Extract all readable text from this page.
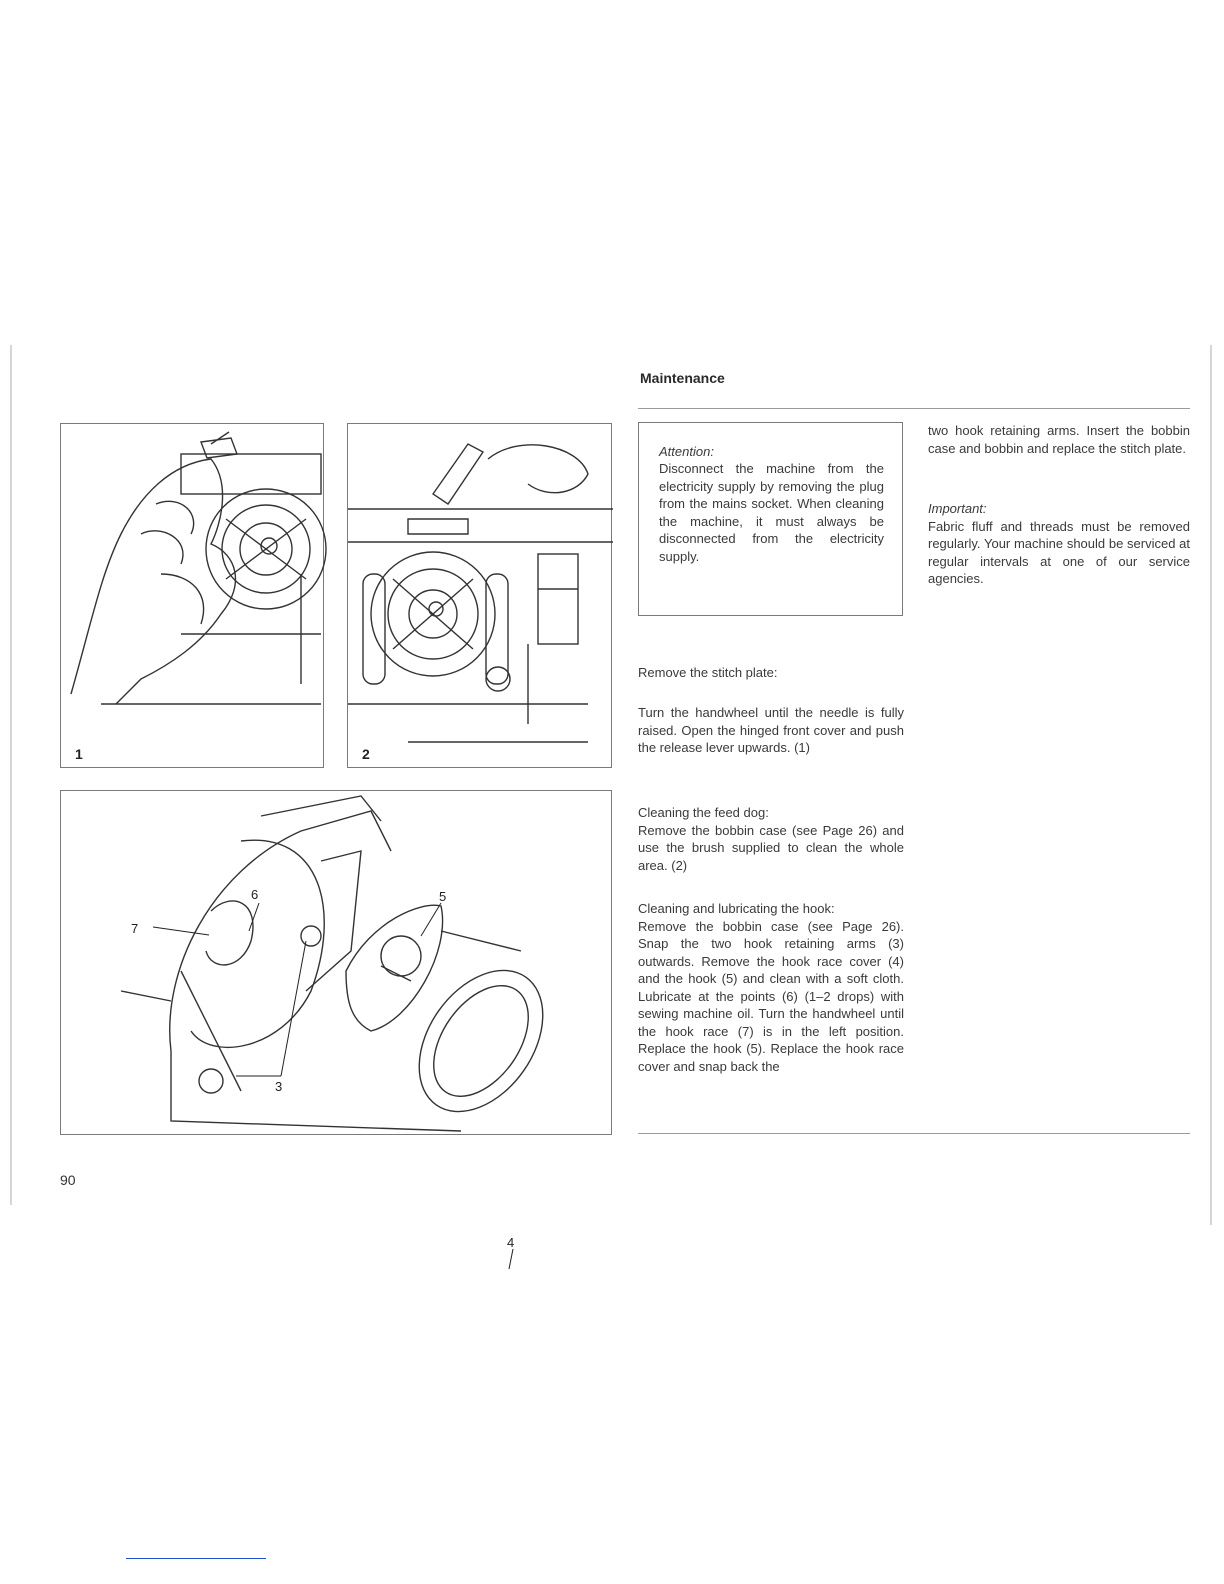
1	2
3
4
5
6
7
Maintenance
Attention:
Disconnect the machine from the electricity supply by removing the plug from the mains socket. When cleaning the machine, it must always be disconnected from the electricity supply.

Remove the stitch plate:

Turn the handwheel until the needle is fully raised. Open the hinged front cover and push the release lever upwards. (1)

Cleaning the feed dog:

Remove the bobbin case (see Page 26) and use the brush supplied to clean the whole area. (2)

Cleaning and lubricating the hook:

Remove the bobbin case (see Page 26). Snap the two hook retaining arms (3) outwards. Remove the hook race cover (4) and the hook (5) and clean with a soft cloth. Lubricate at the points (6) (1–2 drops) with sewing machine oil. Turn the handwheel until the hook race (7) is in the left position. Replace the hook (5). Replace the hook race cover and snap back the

two hook retaining arms. Insert the bobbin case and bobbin and replace the stitch plate.

Important:

Fabric fluff and threads must be removed regularly. Your machine should be serviced at regular intervals at one of our service agencies.

90
